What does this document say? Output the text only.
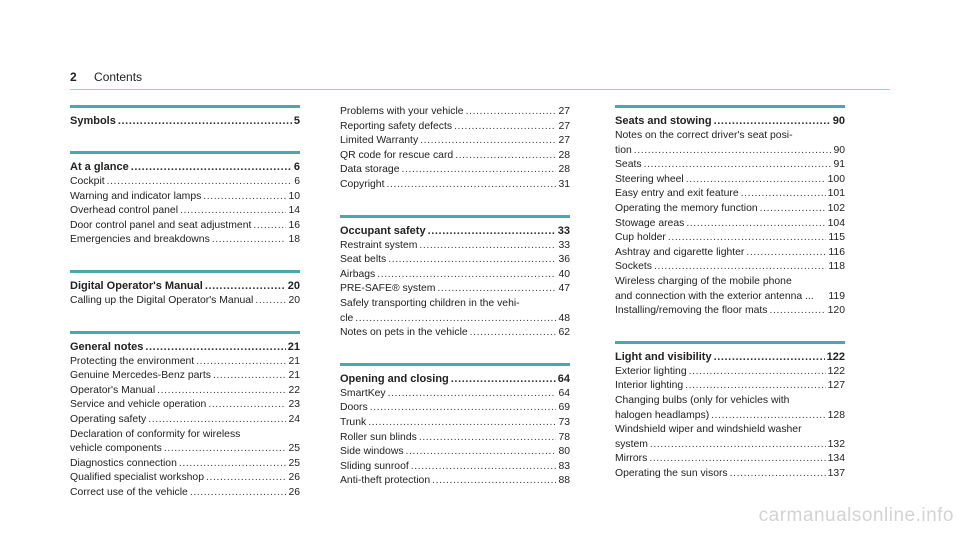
2 Contents
Symbols .....	5
At a glance .....	6
Cockpit .....	6
Warning and indicator lamps .....	10
Overhead control panel .....	14
Door control panel and seat adjustment .....	16
Emergencies and breakdowns .....	18
Digital Operator's Manual .....	20
Calling up the Digital Operator's Manual .....	20
General notes .....	21
Protecting the environment .....	21
Genuine Mercedes-Benz parts .....	21
Operator's Manual .....	22
Service and vehicle operation .....	23
Operating safety .....	24
Declaration of conformity for wireless
vehicle components .....	25
Diagnostics connection .....	25
Qualified specialist workshop .....	26
Correct use of the vehicle .....	26
Problems with your vehicle .....	27
Reporting safety defects .....	27
Limited Warranty .....	27
QR code for rescue card .....	28
Data storage .....	28
Copyright .....	31
Occupant safety .....	33
Restraint system .....	33
Seat belts .....	36
Airbags .....	40
PRE-SAFE® system .....	47
Safely transporting children in the vehi-
cle .....	48
Notes on pets in the vehicle .....	62
Opening and closing .....	64
SmartKey .....	64
Doors .....	69
Trunk .....	73
Roller sun blinds .....	78
Side windows .....	80
Sliding sunroof .....	83
Anti-theft protection .....	88
Seats and stowing .....	90
Notes on the correct driver's seat posi-
tion .....	90
Seats .....	91
Steering wheel .....	100
Easy entry and exit feature .....	101
Operating the memory function .....	102
Stowage areas .....	104
Cup holder .....	115
Ashtray and cigarette lighter .....	116
Sockets .....	118
Wireless charging of the mobile phone
and connection with the exterior antenna ... 119
Installing/removing the floor mats .....	120
Light and visibility .....	122
Exterior lighting .....	122
Interior lighting .....	127
Changing bulbs (only for vehicles with
halogen headlamps) .....	128
Windshield wiper and windshield washer
system .....	132
Mirrors .....	134
Operating the sun visors .....	137
carmanualsonline.info
